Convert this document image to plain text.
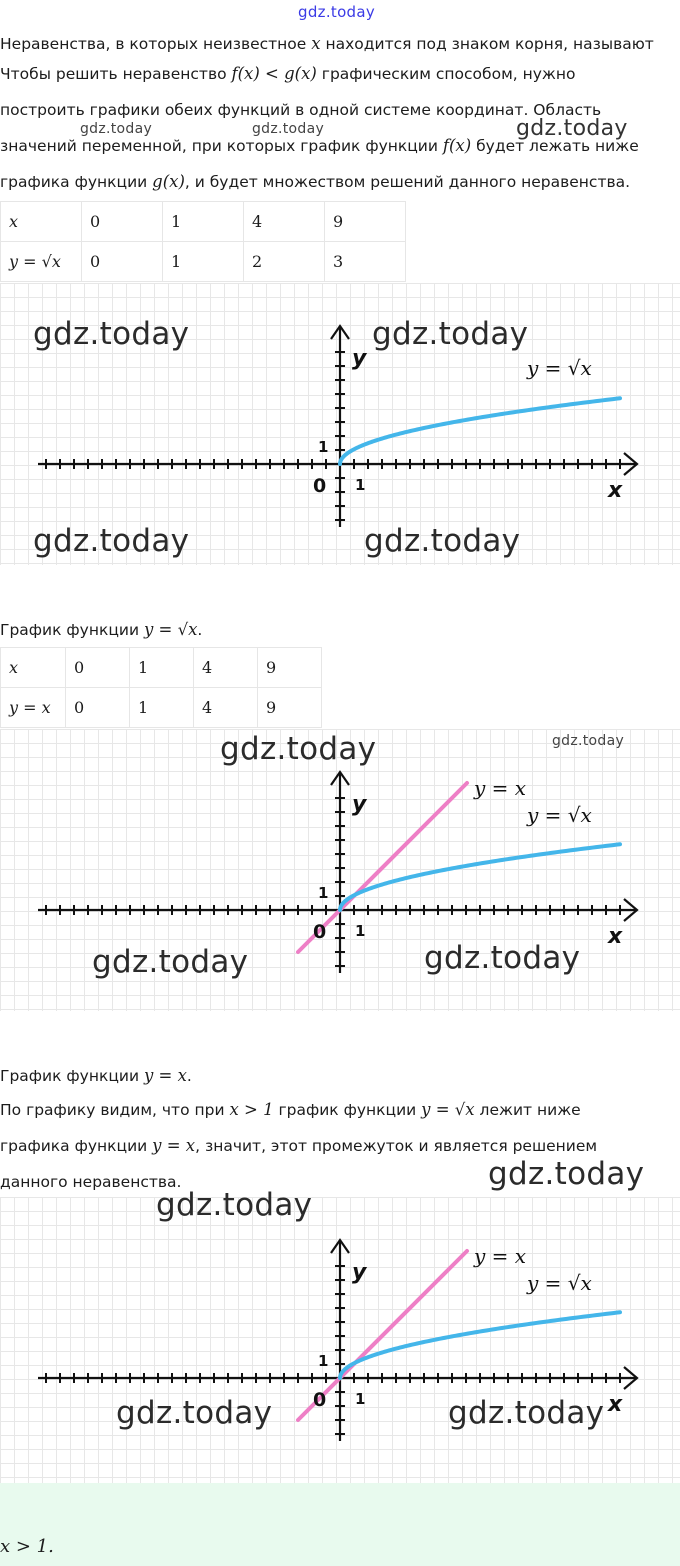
gdz.today
gdz.today	gdz.today	gdz.today
Неравенства, в которых неизвестное x находится под знаком корня, называют
Чтобы решить неравенство f(x) < g(x) графическим способом, нужно
построить графики обеих функций в одной системе координат. Область
значений переменной, при которых график функции f(x) будет лежать ниже
графика функции g(x), и будет множеством решений данного неравенства.
x	0	1	4	9
y = √x	0	1	2	3
y
x
0 1
1
y = √x
gdz.today	gdz.today
gdz.today	gdz.today
График функции y = √x.
x	0	1	4	9
y = x	0	1	4	9
y
x
0 1
1
y = x
y = √x
gdz.today	gdz.today
gdz.today	gdz.today
График функции y = x.
По графику видим, что при x > 1 график функции y = √x лежит ниже
графика функции y = x, значит, этот промежуток и является решением
данного неравенства.	gdz.today
y
x
0 1
1
y = x
y = √x
gdz.today
gdz.today	gdz.today
x > 1.
